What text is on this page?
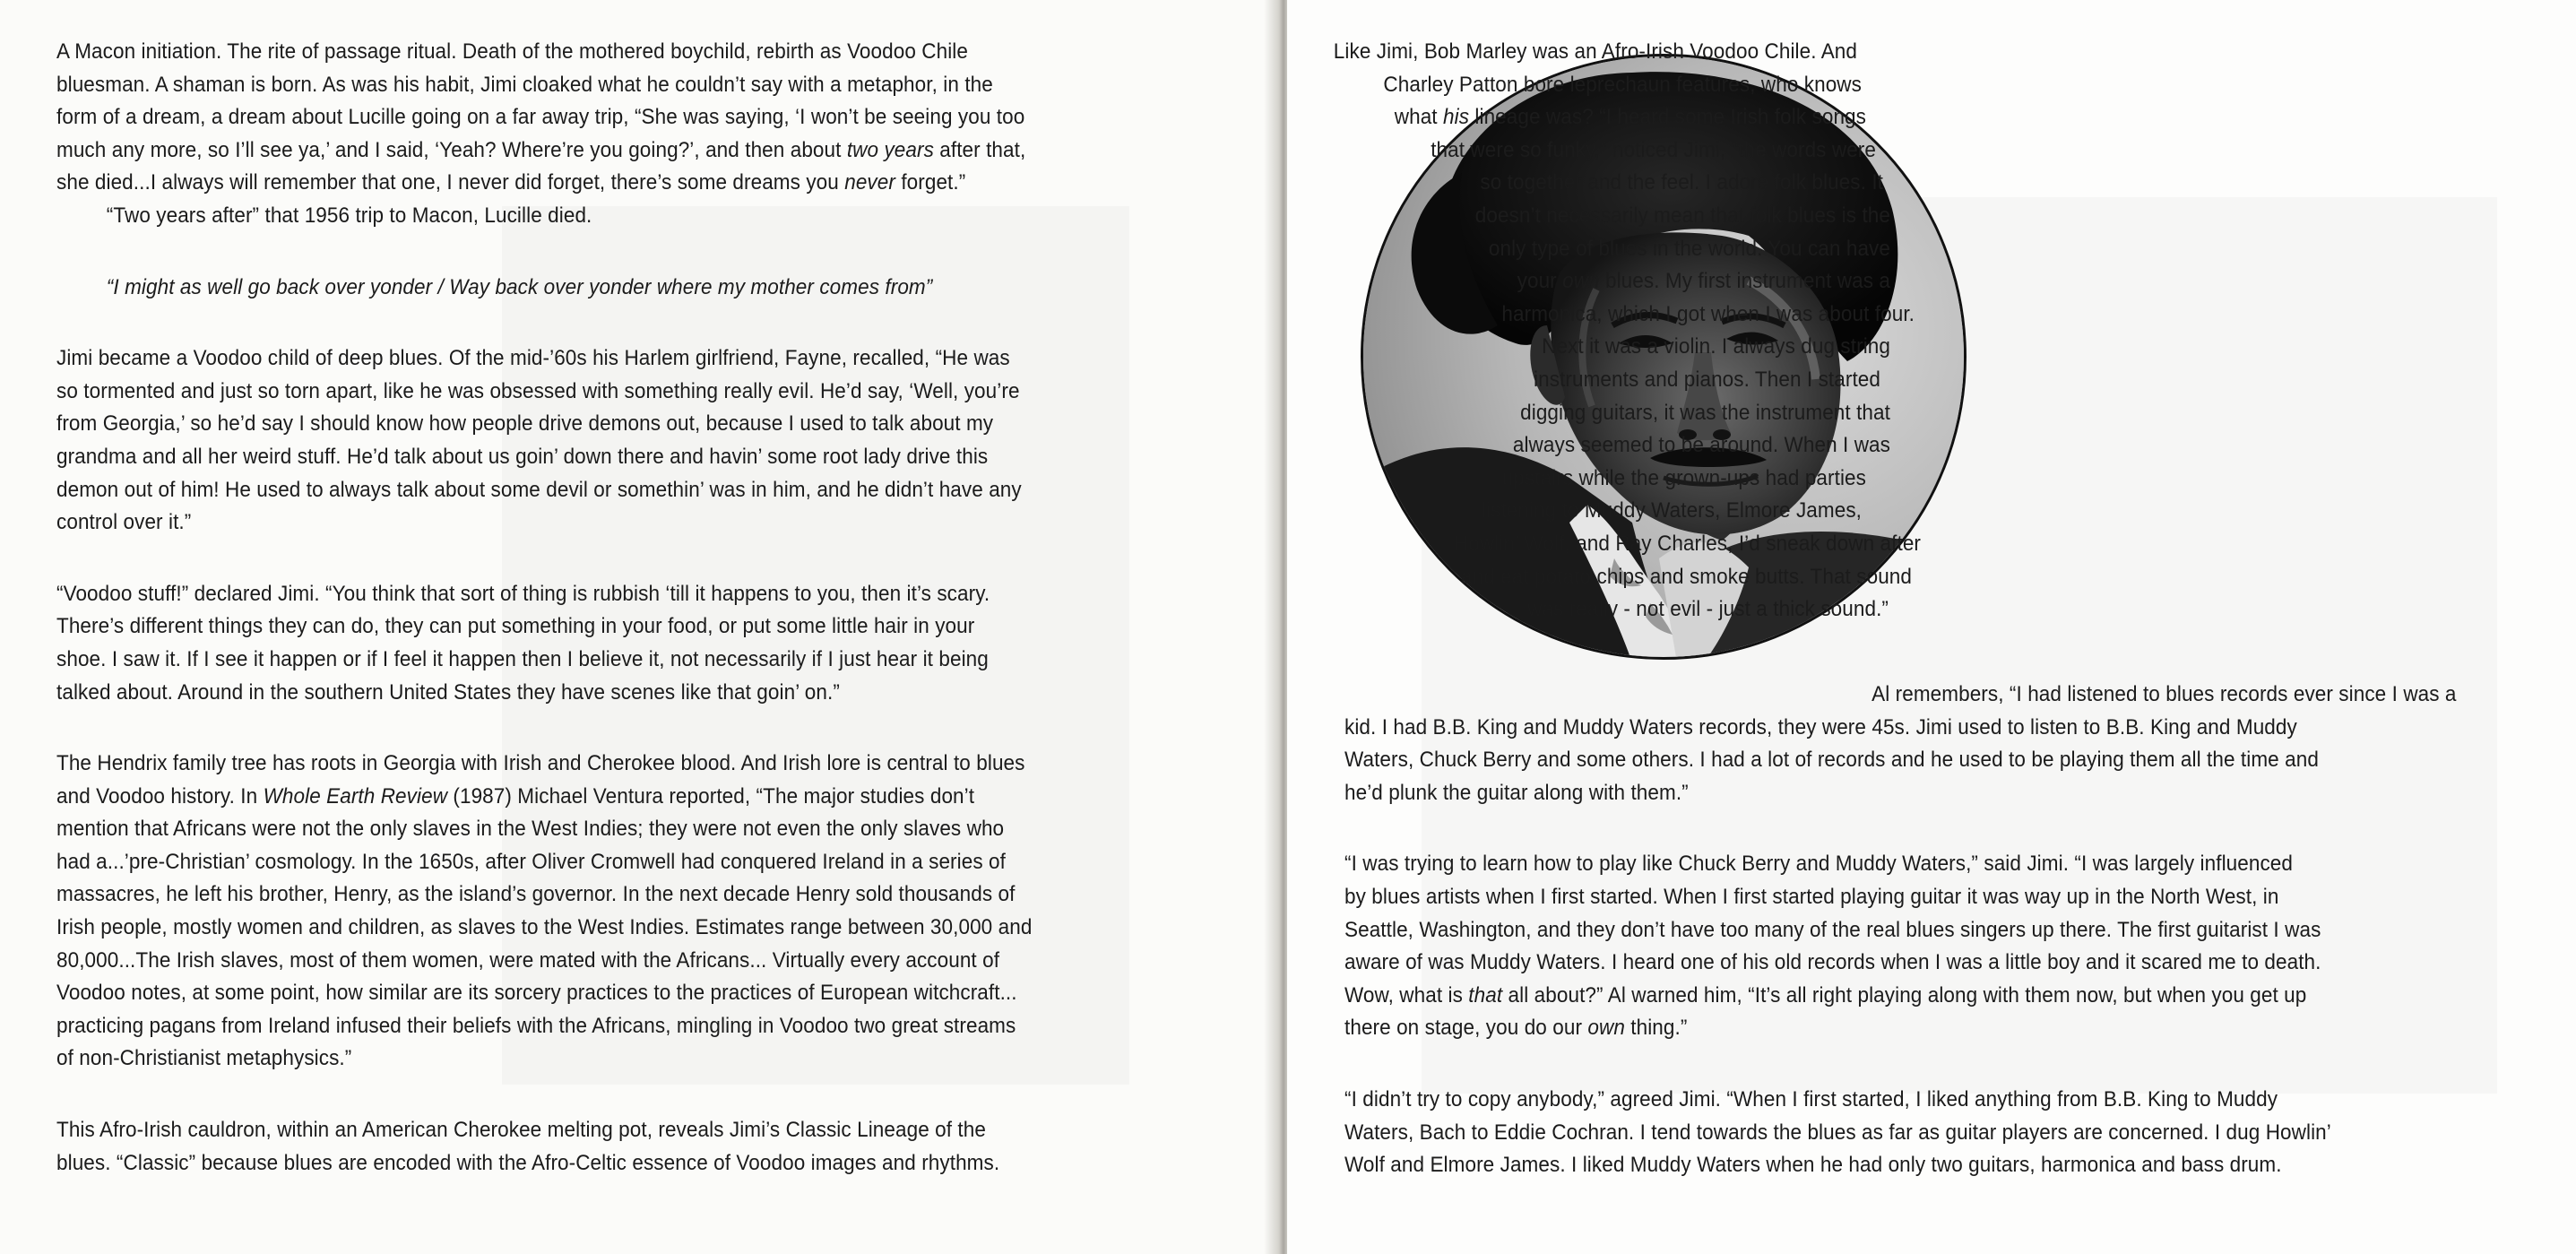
A Macon initiation. The rite of passage ritual. Death of the mothered boychild, rebirth as Voodoo Chile
bluesman. A shaman is born. As was his habit, Jimi cloaked what he couldn’t say with a metaphor, in the
form of a dream, a dream about Lucille going on a far away trip, “She was saying, ‘I won’t be seeing you too
much any more, so I’ll see ya,’ and I said, ‘Yeah? Where’re you going?’, and then about two years after that,
she died...I always will remember that one, I never did forget, there’s some dreams you never forget.”
“Two years after” that 1956 trip to Macon, Lucille died.
“I might as well go back over yonder / Way back over yonder where my mother comes from”
Jimi became a Voodoo child of deep blues. Of the mid-’60s his Harlem girlfriend, Fayne, recalled, “He was
so tormented and just so torn apart, like he was obsessed with something really evil. He’d say, ‘Well, you’re
from Georgia,’ so he’d say I should know how people drive demons out, because I used to talk about my
grandma and all her weird stuff. He’d talk about us goin’ down there and havin’ some root lady drive this
demon out of him! He used to always talk about some devil or somethin’ was in him, and he didn’t have any
control over it.”
“Voodoo stuff!” declared Jimi. “You think that sort of thing is rubbish ‘till it happens to you, then it’s scary.
There’s different things they can do, they can put something in your food, or put some little hair in your
shoe. I saw it. If I see it happen or if I feel it happen then I believe it, not necessarily if I just hear it being
talked about. Around in the southern United States they have scenes like that goin’ on.”
The Hendrix family tree has roots in Georgia with Irish and Cherokee blood. And Irish lore is central to blues
and Voodoo history. In Whole Earth Review (1987) Michael Ventura reported, “The major studies don’t
mention that Africans were not the only slaves in the West Indies; they were not even the only slaves who
had a...’pre-Christian’ cosmology. In the 1650s, after Oliver Cromwell had conquered Ireland in a series of
massacres, he left his brother, Henry, as the island’s governor. In the next decade Henry sold thousands of
Irish people, mostly women and children, as slaves to the West Indies. Estimates range between 30,000 and
80,000...The Irish slaves, most of them women, were mated with the Africans... Virtually every account of
Voodoo notes, at some point, how similar are its sorcery practices to the practices of European witchcraft...
practicing pagans from Ireland infused their beliefs with the Africans, mingling in Voodoo two great streams
of non-Christianist metaphysics.”
This Afro-Irish cauldron, within an American Cherokee melting pot, reveals Jimi’s Classic Lineage of the
blues. “Classic” because blues are encoded with the Afro-Celtic essence of Voodoo images and rhythms.
Like Jimi, Bob Marley was an Afro-Irish Voodoo Chile. And
Charley Patton bore leprechaun features, who knows
what his lineage was? “I heard some Irish folk songs
that were so funky,” noticed Jimi, “the words were
so together and the feel. I adore folk blues. It
doesn’t necessarily mean that folk blues is the
only type of blues in the world. You can have
your own blues. My first instrument was a
harmonica, which I got when I was about four.
Next it was a violin. I always dug string
instruments and pianos. Then I started
digging guitars, it was the instrument that
always seemed to be around. When I was
upstairs while the grown-ups had parties
listening to Muddy Waters, Elmore James,
Howlin’ Wolf, and Ray Charles, I’d sneak down after
and eat potato chips and smoke butts. That sound
was really - not evil - just a thick sound.”
Al remembers, “I had listened to blues records ever since I was a
kid. I had B.B. King and Muddy Waters records, they were 45s. Jimi used to listen to B.B. King and Muddy
Waters, Chuck Berry and some others. I had a lot of records and he used to be playing them all the time and
he’d plunk the guitar along with them.”
“I was trying to learn how to play like Chuck Berry and Muddy Waters,” said Jimi. “I was largely influenced
by blues artists when I first started. When I first started playing guitar it was way up in the North West, in
Seattle, Washington, and they don’t have too many of the real blues singers up there. The first guitarist I was
aware of was Muddy Waters. I heard one of his old records when I was a little boy and it scared me to death.
Wow, what is that all about?” Al warned him, “It’s all right playing along with them now, but when you get up
there on stage, you do our own thing.”
“I didn’t try to copy anybody,” agreed Jimi. “When I first started, I liked anything from B.B. King to Muddy
Waters, Bach to Eddie Cochran. I tend towards the blues as far as guitar players are concerned. I dug Howlin’
Wolf and Elmore James. I liked Muddy Waters when he had only two guitars, harmonica and bass drum.
